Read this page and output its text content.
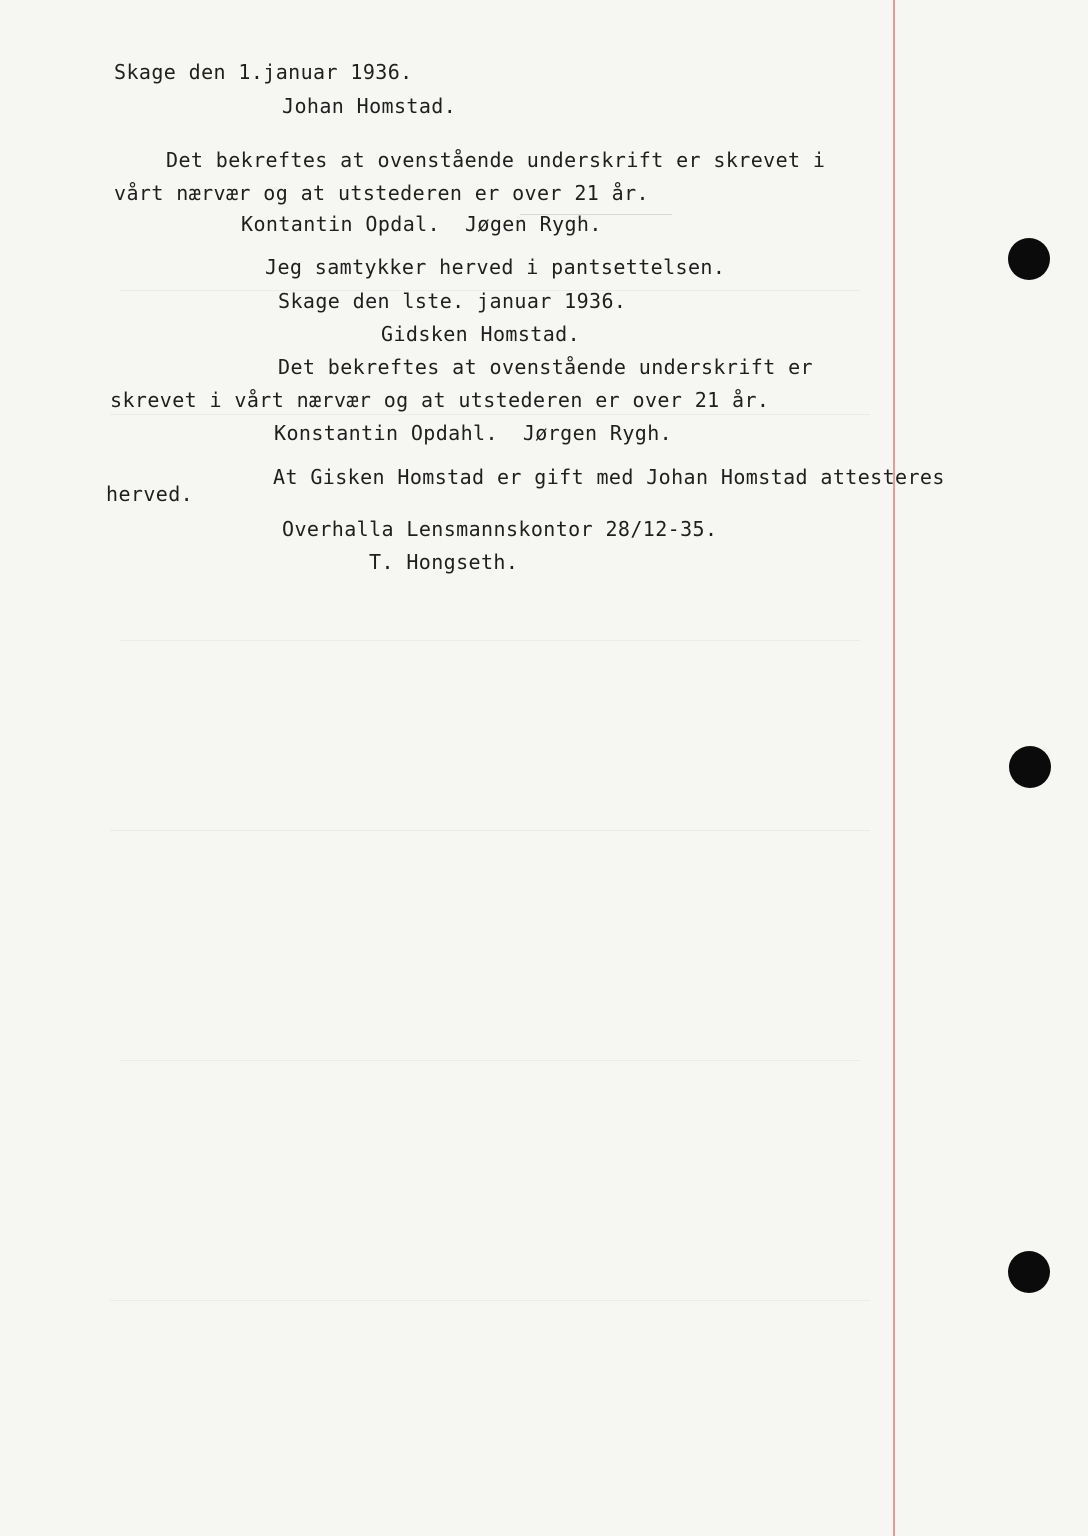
Skage den 1.januar 1936.
Johan Homstad.
Det bekreftes at ovenstående underskrift er skrevet i
vårt nærvær og at utstederen er over 21 år.
Kontantin Opdal.  Jøgen Rygh.
Jeg samtykker herved i pantsettelsen.
Skage den lste. januar 1936.
Gidsken Homstad.
Det bekreftes at ovenstående underskrift er
skrevet i vårt nærvær og at utstederen er over 21 år.
Konstantin Opdahl.  Jørgen Rygh.
At Gisken Homstad er gift med Johan Homstad attesteres
herved.
Overhalla Lensmannskontor 28/12-35.
T. Hongseth.
